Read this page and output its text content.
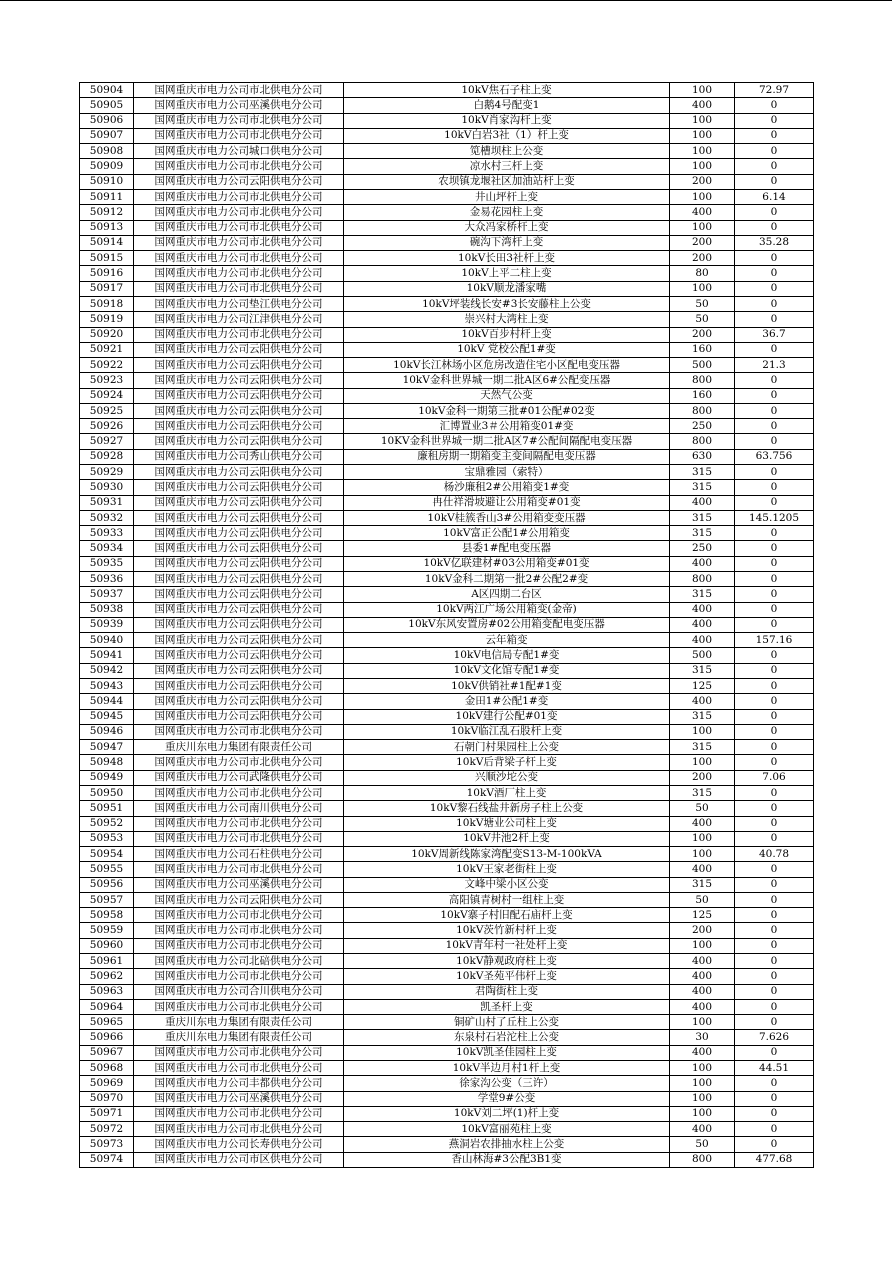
50904	国网重庆市电力公司市北供电分公司	10kV焦石子柱上变	100	72.97
50905	国网重庆市电力公司巫溪供电分公司	白鹅4号配变1	400	0
50906	国网重庆市电力公司市北供电分公司	10kV肖家沟杆上变	100	0
50907	国网重庆市电力公司市北供电分公司	10kV白岩3社（1）杆上变	100	0
50908	国网重庆市电力公司城口供电分公司	笕槽坝柱上公变	100	0
50909	国网重庆市电力公司市北供电分公司	凉水村三杆上变	100	0
50910	国网重庆市电力公司云阳供电分公司	农坝镇龙堰社区加油站杆上变	200	0
50911	国网重庆市电力公司市北供电分公司	井山坪杆上变	100	6.14
50912	国网重庆市电力公司市北供电分公司	金易花园柱上变	400	0
50913	国网重庆市电力公司市北供电分公司	大众冯家桥杆上变	100	0
50914	国网重庆市电力公司市北供电分公司	碗沟下湾杆上变	200	35.28
50915	国网重庆市电力公司市北供电分公司	10kV长田3社杆上变	200	0
50916	国网重庆市电力公司市北供电分公司	10kV上平二柱上变	80	0
50917	国网重庆市电力公司市北供电分公司	10kV顺龙潘家嘴	100	0
50918	国网重庆市电力公司垫江供电分公司	10kV坪装线长安#3长安藤柱上公变	50	0
50919	国网重庆市电力公司江津供电分公司	崇兴村大湾柱上变	50	0
50920	国网重庆市电力公司市北供电分公司	10kV百步村杆上变	200	36.7
50921	国网重庆市电力公司云阳供电分公司	10kV 党校公配1#变	160	0
50922	国网重庆市电力公司云阳供电分公司	10kV长江林场小区危房改造住宅小区配电变压器	500	21.3
50923	国网重庆市电力公司云阳供电分公司	10kV金科世界城一期二批A区6#公配变压器	800	0
50924	国网重庆市电力公司云阳供电分公司	天然气公变	160	0
50925	国网重庆市电力公司云阳供电分公司	10kV金科一期第三批#01公配#02变	800	0
50926	国网重庆市电力公司云阳供电分公司	汇博置业3＃公用箱变01#变	250	0
50927	国网重庆市电力公司云阳供电分公司	10KV金科世界城一期二批A区7#公配间隔配电变压器	800	0
50928	国网重庆市电力公司秀山供电分公司	廉租房期一期箱变主变间隔配电变压器	630	63.756
50929	国网重庆市电力公司云阳供电分公司	宝鼎雅园（索特）	315	0
50930	国网重庆市电力公司云阳供电分公司	杨沙廉租2#公用箱变1#变	315	0
50931	国网重庆市电力公司云阳供电分公司	冉仕祥滑坡避让公用箱变#01变	400	0
50932	国网重庆市电力公司云阳供电分公司	10kV桂簇香山3#公用箱变变压器	315	145.1205
50933	国网重庆市电力公司云阳供电分公司	10kV富正公配1#公用箱变	315	0
50934	国网重庆市电力公司云阳供电分公司	县委1#配电变压器	250	0
50935	国网重庆市电力公司云阳供电分公司	10kV亿联建材#03公用箱变#01变	400	0
50936	国网重庆市电力公司云阳供电分公司	10kV金科二期第一批2#公配2#变	800	0
50937	国网重庆市电力公司云阳供电分公司	A区四期二台区	315	0
50938	国网重庆市电力公司云阳供电分公司	10kV两江广场公用箱变(金帝)	400	0
50939	国网重庆市电力公司云阳供电分公司	10kV东风安置房#02公用箱变配电变压器	400	0
50940	国网重庆市电力公司云阳供电分公司	云年箱变	400	157.16
50941	国网重庆市电力公司云阳供电分公司	10kV电信局专配1#变	500	0
50942	国网重庆市电力公司云阳供电分公司	10kV文化馆专配1#变	315	0
50943	国网重庆市电力公司云阳供电分公司	10kV供销社#1配#1变	125	0
50944	国网重庆市电力公司云阳供电分公司	金田1#公配1#变	400	0
50945	国网重庆市电力公司云阳供电分公司	10kV建行公配#01变	315	0
50946	国网重庆市电力公司市北供电分公司	10kV临江乱石股杆上变	100	0
50947	重庆川东电力集团有限责任公司	石朝门村果园柱上公变	315	0
50948	国网重庆市电力公司市北供电分公司	10kV后背梁子杆上变	100	0
50949	国网重庆市电力公司武隆供电分公司	兴顺沙坨公变	200	7.06
50950	国网重庆市电力公司市北供电分公司	10kV酒厂柱上变	315	0
50951	国网重庆市电力公司南川供电分公司	10kV黎石线盐井新房子柱上公变	50	0
50952	国网重庆市电力公司市北供电分公司	10kV塘业公司柱上变	400	0
50953	国网重庆市电力公司市北供电分公司	10kV井池2杆上变	100	0
50954	国网重庆市电力公司石柱供电分公司	10kV周新线陈家湾配变S13-M-100kVA	100	40.78
50955	国网重庆市电力公司市北供电分公司	10kV王家老街柱上变	400	0
50956	国网重庆市电力公司巫溪供电分公司	文峰中梁小区公变	315	0
50957	国网重庆市电力公司云阳供电分公司	高阳镇青树村一组柱上变	50	0
50958	国网重庆市电力公司市北供电分公司	10kV寨子村旧配石庙杆上变	125	0
50959	国网重庆市电力公司市北供电分公司	10kV茨竹新村杆上变	200	0
50960	国网重庆市电力公司市北供电分公司	10kV青年村一社处杆上变	100	0
50961	国网重庆市电力公司北碚供电分公司	10kV静观政府柱上变	400	0
50962	国网重庆市电力公司市北供电分公司	10kV圣苑平伟杆上变	400	0
50963	国网重庆市电力公司合川供电分公司	君陶街柱上变	400	0
50964	国网重庆市电力公司市北供电分公司	凯圣杆上变	400	0
50965	重庆川东电力集团有限责任公司	铜矿山村了丘柱上公变	100	0
50966	重庆川东电力集团有限责任公司	东泉村石岩沱柱上公变	30	7.626
50967	国网重庆市电力公司市北供电分公司	10kV凯圣佳园柱上变	400	0
50968	国网重庆市电力公司市北供电分公司	10kV半边月村1杆上变	100	44.51
50969	国网重庆市电力公司丰都供电分公司	徐家沟公变（三许）	100	0
50970	国网重庆市电力公司巫溪供电分公司	学堂9#公变	100	0
50971	国网重庆市电力公司市北供电分公司	10kV刘二坪(1)杆上变	100	0
50972	国网重庆市电力公司市北供电分公司	10kV富丽苑柱上变	400	0
50973	国网重庆市电力公司长寿供电分公司	燕洞岩农排抽水柱上公变	50	0
50974	国网重庆市电力公司市区供电分公司	香山林海#3公配3B1变	800	477.68
